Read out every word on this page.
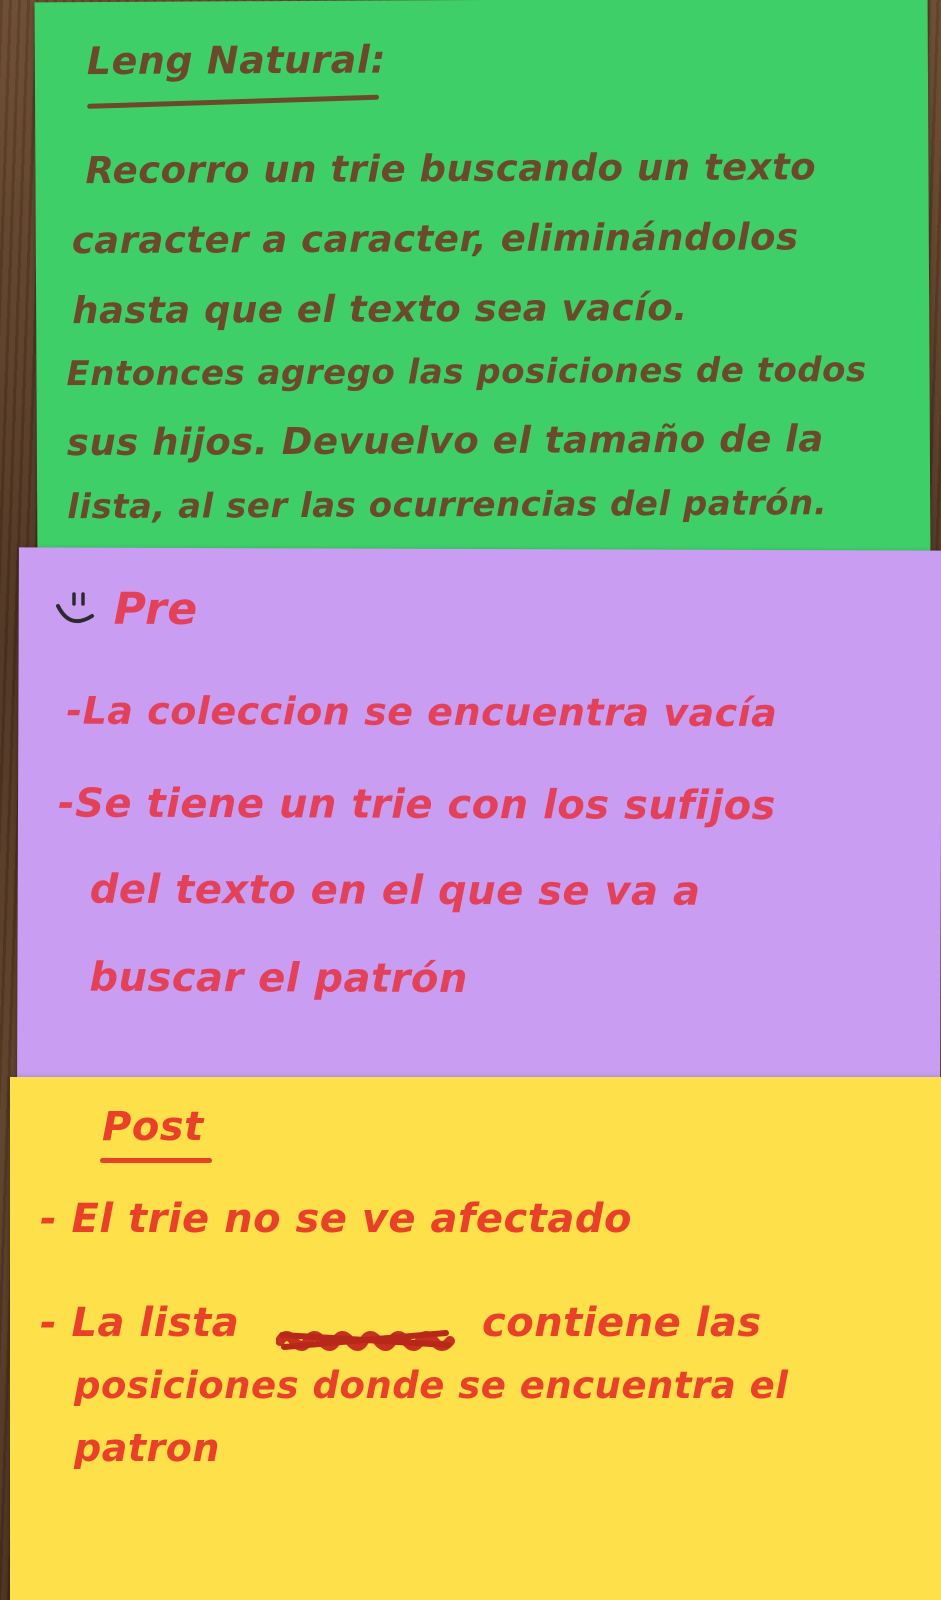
Leng Natural:

Recorro un trie buscando un texto

caracter a caracter, eliminándolos

hasta que el texto sea vacío.

Entonces agrego las posiciones de todos

sus hijos. Devuelvo el tamaño de la

lista, al ser las ocurrencias del patrón.

Pre

-La coleccion se encuentra vacía

-Se tiene un trie con los sufijos

del texto en el que se va a

buscar el patrón

Post

- El trie no se ve afectado

- La lista	contiene las

posiciones donde se encuentra el

patron
